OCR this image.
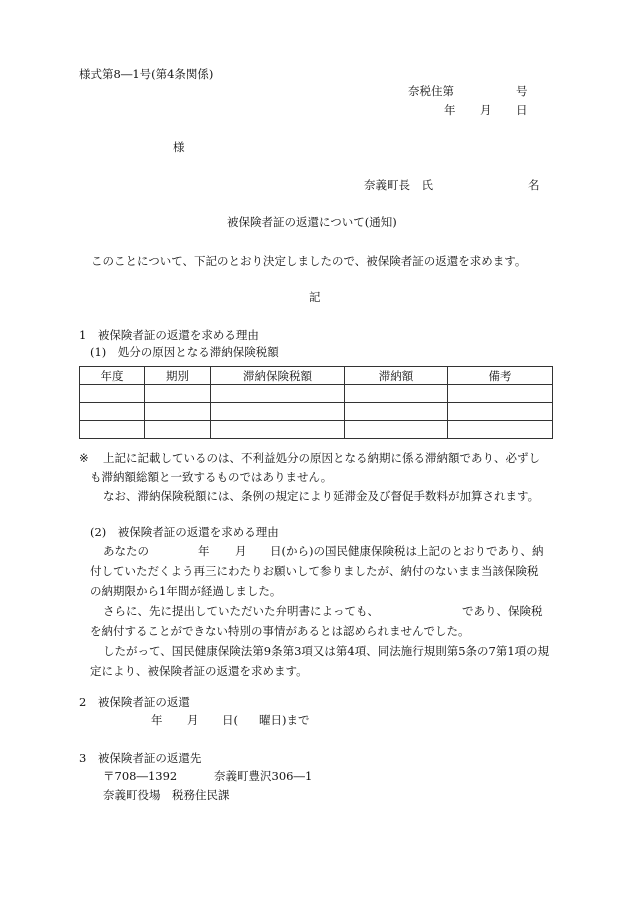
様式第8―1号(第4条関係)
奈税住第	号
年 月 日
様
奈義町長　氏	名
被保険者証の返還について(通知)
このことについて、下記のとおり決定しましたので、被保険者証の返還を求めます。
記
1　被保険者証の返還を求める理由
(1)　処分の原因となる滞納保険税額
年度	期別	滞納保険税額	滞納額	備考

※ 上記に記載しているのは、不利益処分の原因となる納期に係る滞納額であり、必ずし
も滞納額総額と一致するものではありません。
なお、滞納保険税額には、条例の規定により延滞金及び督促手数料が加算されます。
(2)　被保険者証の返還を求める理由
あなたの	年 月 日(から)の国民健康保険税は上記のとおりであり、納
付していただくよう再三にわたりお願いして参りましたが、納付のないまま当該保険税
の納期限から1年間が経過しました。
さらに、先に提出していただいた弁明書によっても、	であり、保険税
を納付することができない特別の事情があるとは認められませんでした。
したがって、国民健康保険法第9条第3項又は第4項、同法施行規則第5条の7第1項の規
定により、被保険者証の返還を求めます。
2　被保険者証の返還
年 月 日( 曜日)まで
3　被保険者証の返還先
〒708―1392	奈義町豊沢306―1
奈義町役場　税務住民課
